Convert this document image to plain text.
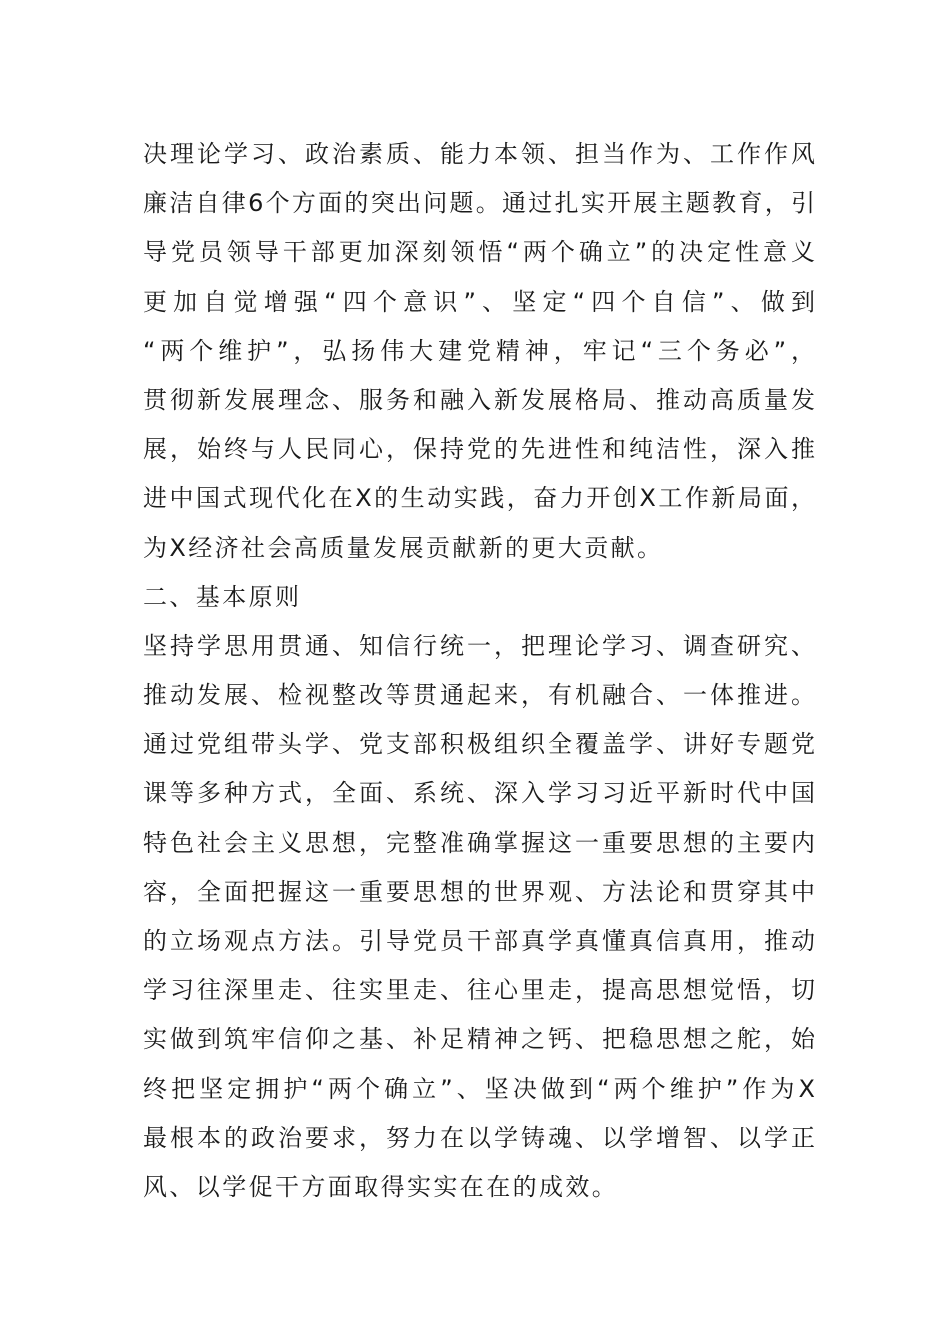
决理论学习、政治素质、能力本领、担当作为、工作作风
廉洁自律6个方面的突出问题。通过扎实开展主题教育，引
导党员领导干部更加深刻领悟“两个确立”的决定性意义
更加自觉增强“四个意识”、坚定“四个自信”、做到
“两个维护”，弘扬伟大建党精神，牢记“三个务必”，
贯彻新发展理念、服务和融入新发展格局、推动高质量发
展，始终与人民同心，保持党的先进性和纯洁性，深入推
进中国式现代化在X的生动实践，奋力开创X工作新局面，
为X经济社会高质量发展贡献新的更大贡献。
二、基本原则
坚持学思用贯通、知信行统一，把理论学习、调查研究、
推动发展、检视整改等贯通起来，有机融合、一体推进。
通过党组带头学、党支部积极组织全覆盖学、讲好专题党
课等多种方式，全面、系统、深入学习习近平新时代中国
特色社会主义思想，完整准确掌握这一重要思想的主要内
容，全面把握这一重要思想的世界观、方法论和贯穿其中
的立场观点方法。引导党员干部真学真懂真信真用，推动
学习往深里走、往实里走、往心里走，提高思想觉悟，切
实做到筑牢信仰之基、补足精神之钙、把稳思想之舵，始
终把坚定拥护“两个确立”、坚决做到“两个维护”作为X
最根本的政治要求，努力在以学铸魂、以学增智、以学正
风、以学促干方面取得实实在在的成效。
